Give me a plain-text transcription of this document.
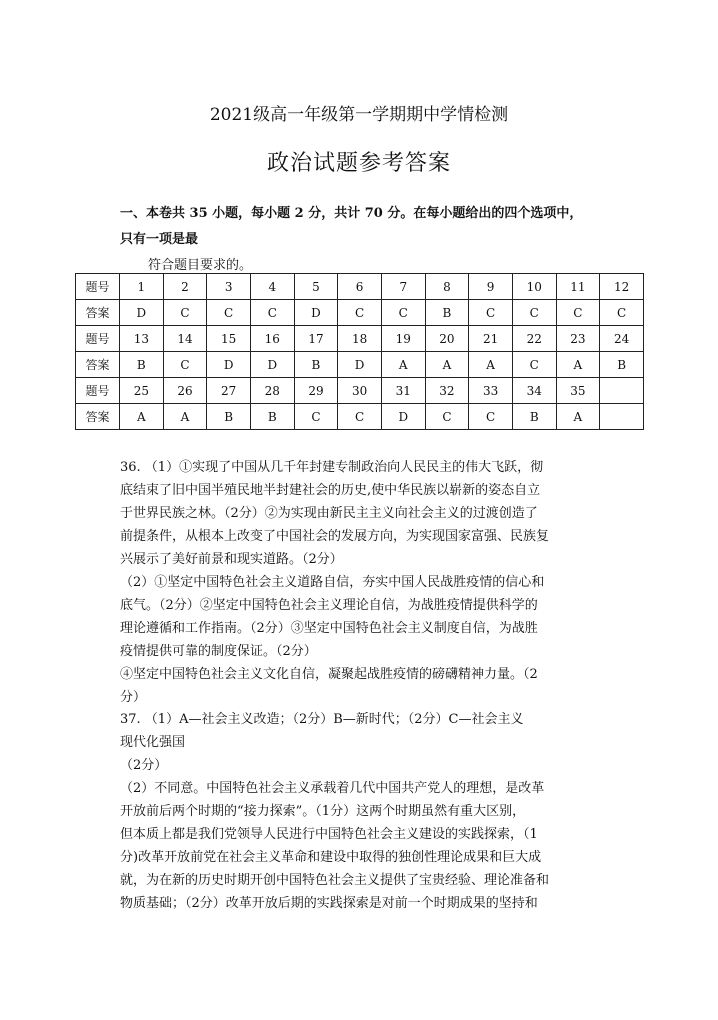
2021级高一年级第一学期期中学情检测
政治试题参考答案
一、本卷共 35 小题，每小题 2 分，共计 70 分。在每小题给出的四个选项中，
只有一项是最
符合题目要求的。
题号	1	2	3	4	5	6	7	8	9	10	11	12
答案	D	C	C	C	D	C	C	B	C	C	C	C
题号	13	14	15	16	17	18	19	20	21	22	23	24
答案	B	C	D	D	B	D	A	A	A	C	A	B
题号	25	26	27	28	29	30	31	32	33	34	35	
答案	A	A	B	B	C	C	D	C	C	B	A	

36. （1）①实现了中国从几千年封建专制政治向人民民主的伟大飞跃，彻

底结束了旧中国半殖民地半封建社会的历史,使中华民族以崭新的姿态自立

于世界民族之林。（2分）②为实现由新民主主义向社会主义的过渡创造了

前提条件，从根本上改变了中国社会的发展方向，为实现国家富强、民族复

兴展示了美好前景和现实道路。（2分）

（2）①坚定中国特色社会主义道路自信，夯实中国人民战胜疫情的信心和

底气。（2分）②坚定中国特色社会主义理论自信，为战胜疫情提供科学的

理论遵循和工作指南。（2分）③坚定中国特色社会主义制度自信，为战胜

疫情提供可靠的制度保证。（2分）

④坚定中国特色社会主义文化自信，凝聚起战胜疫情的磅礴精神力量。（2

分）

37. （1）A—社会主义改造；（2分）B—新时代；（2分）C—社会主义

现代化强国

（2分）

（2）不同意。中国特色社会主义承载着几代中国共产党人的理想，是改革

开放前后两个时期的“接力探索”。（1分）这两个时期虽然有重大区别，

但本质上都是我们党领导人民进行中国特色社会主义建设的实践探索，（1

分)改革开放前党在社会主义革命和建设中取得的独创性理论成果和巨大成

就，为在新的历史时期开创中国特色社会主义提供了宝贵经验、理论准备和

物质基础；（2分）改革开放后期的实践探索是对前一个时期成果的坚持和
